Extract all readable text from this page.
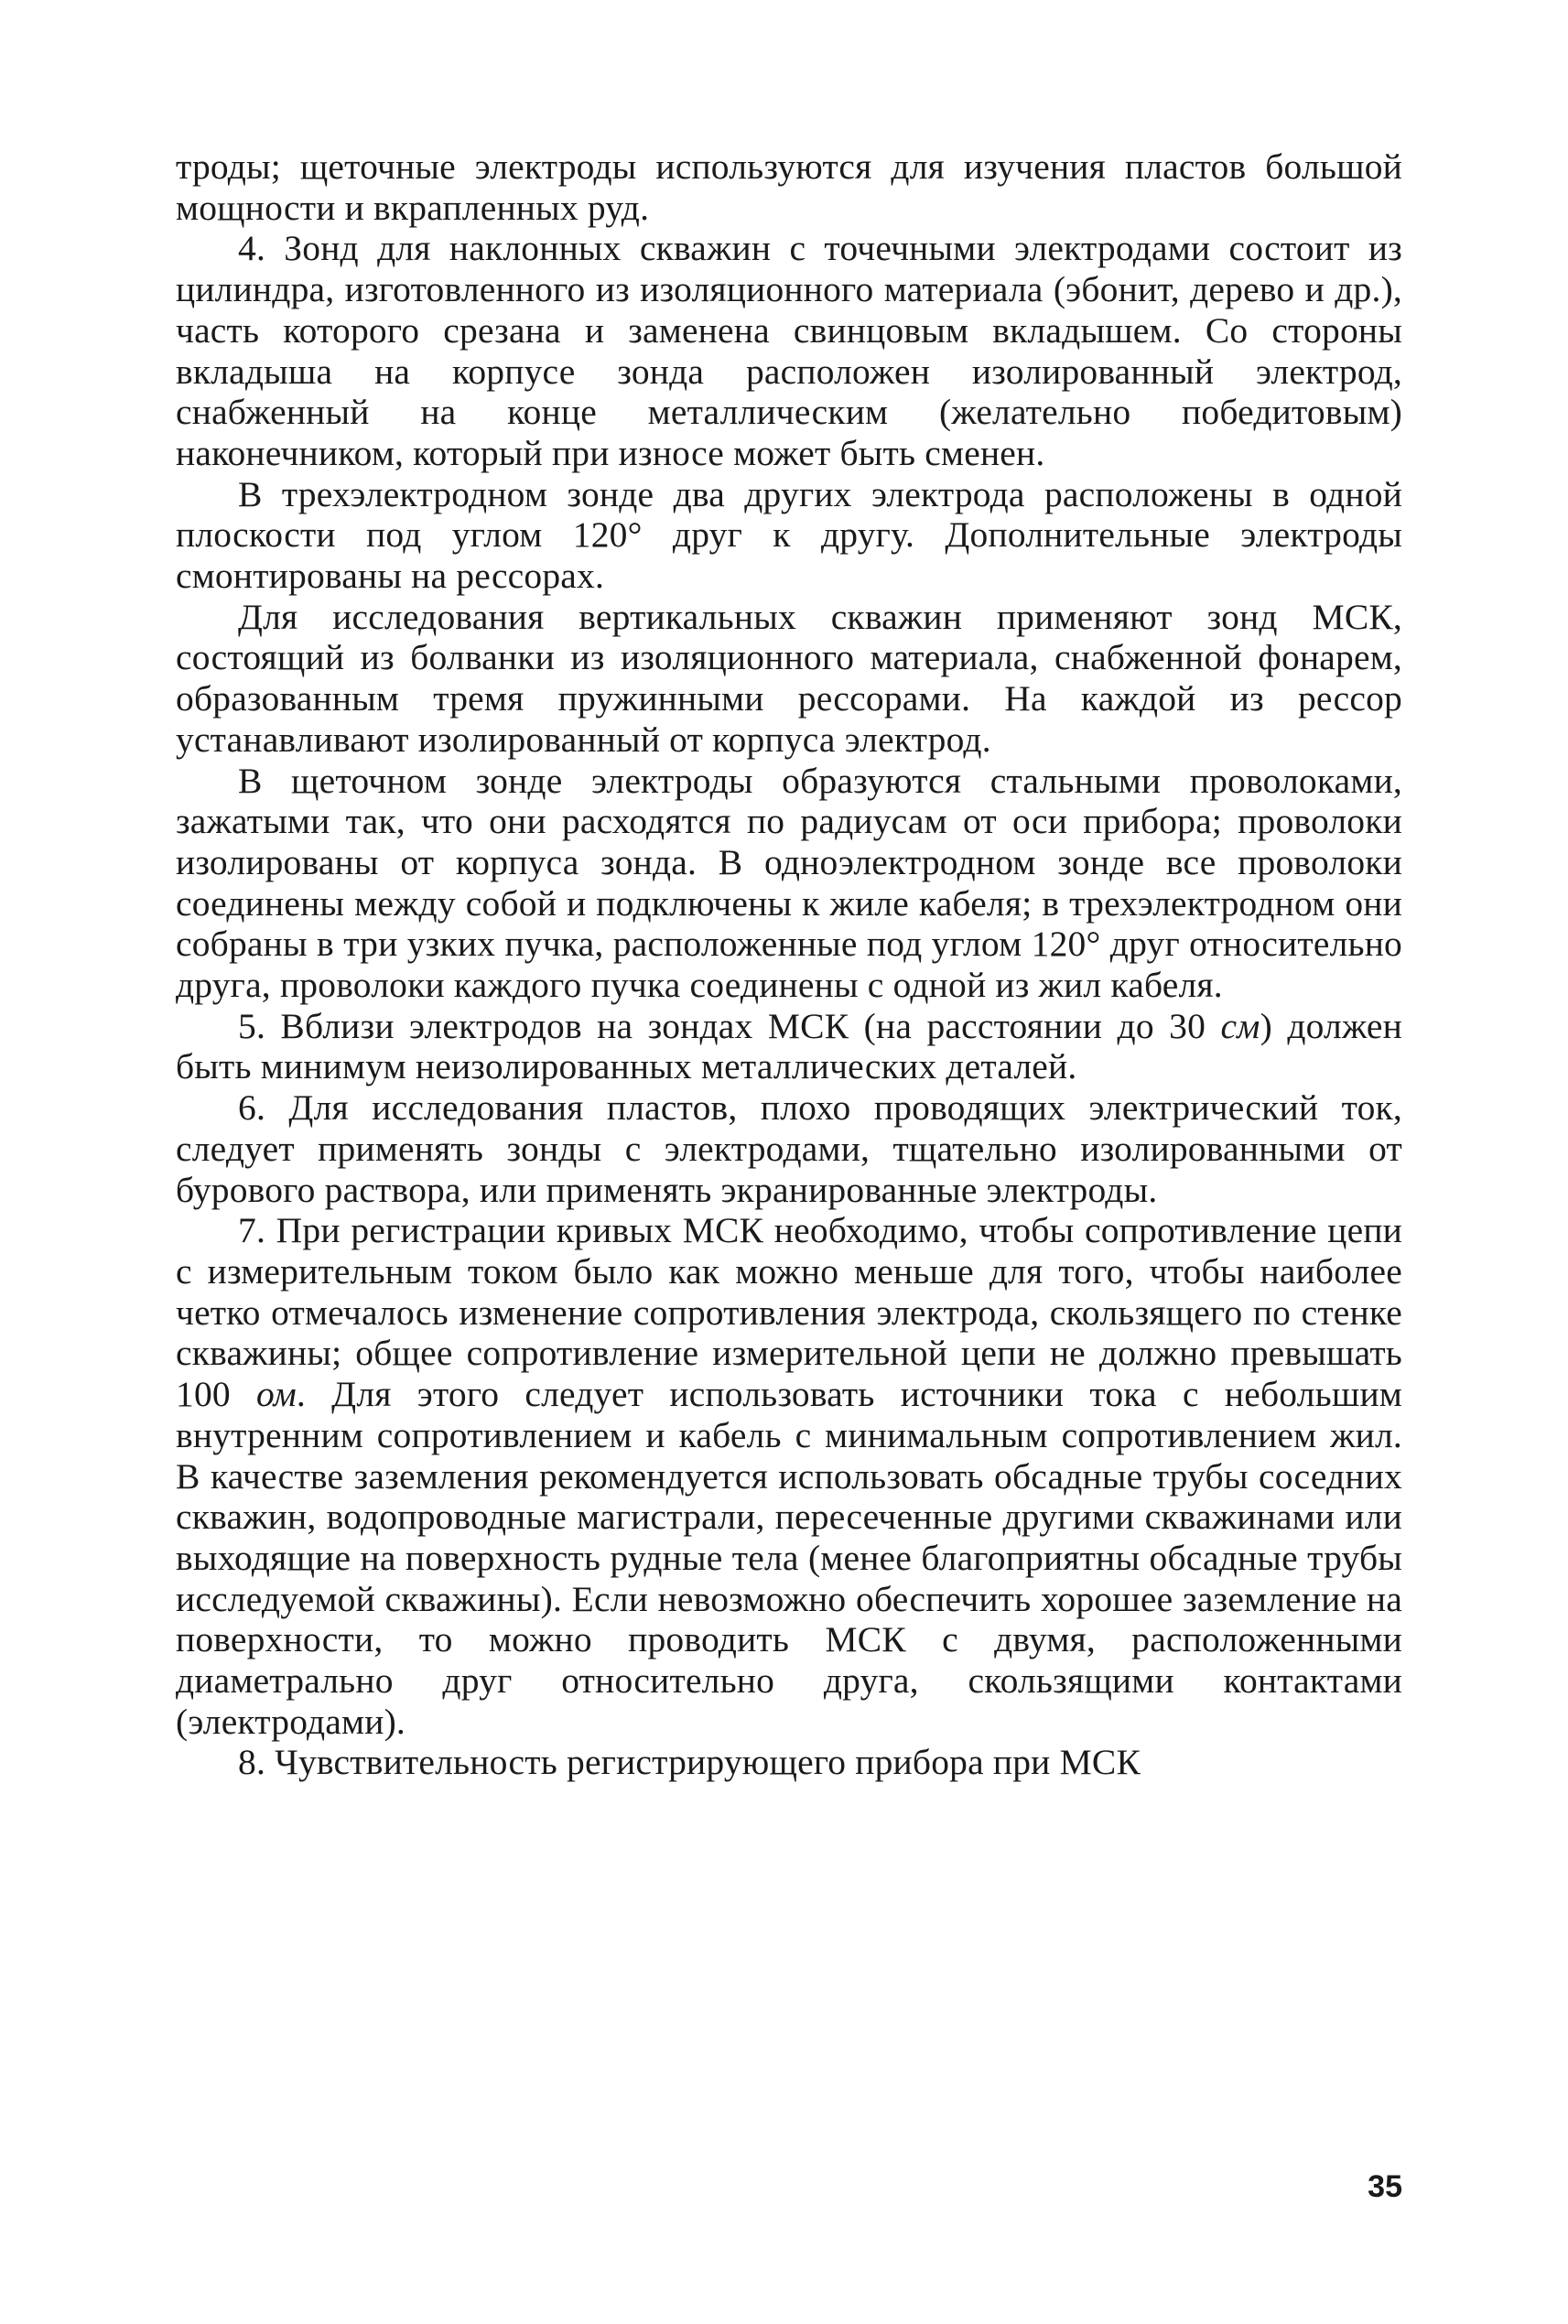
троды; щеточные электроды используются для изучения пластов большой мощности и вкрапленных руд.

4. Зонд для наклонных скважин с точечными электродами состоит из цилиндра, изготовленного из изоляционного материала (эбонит, дерево и др.), часть которого срезана и заменена свинцовым вкладышем. Со стороны вкладыша на корпусе зонда расположен изолированный электрод, снабженный на конце металлическим (желательно победитовым) наконечником, который при износе может быть сменен.

В трехэлектродном зонде два других электрода расположены в одной плоскости под углом 120° друг к другу. Дополнительные электроды смонтированы на рессорах.

Для исследования вертикальных скважин применяют зонд МСК, состоящий из болванки из изоляционного материала, снабженной фонарем, образованным тремя пружинными рессорами. На каждой из рессор устанавливают изолированный от корпуса электрод.

В щеточном зонде электроды образуются стальными проволоками, зажатыми так, что они расходятся по радиусам от оси прибора; проволоки изолированы от корпуса зонда. В одноэлектродном зонде все проволоки соединены между собой и подключены к жиле кабеля; в трехэлектродном они собраны в три узких пучка, расположенные под углом 120° друг относительно друга, проволоки каждого пучка соединены с одной из жил кабеля.

5. Вблизи электродов на зондах МСК (на расстоянии до 30 см) должен быть минимум неизолированных металлических деталей.

6. Для исследования пластов, плохо проводящих электрический ток, следует применять зонды с электродами, тщательно изолированными от бурового раствора, или применять экранированные электроды.

7. При регистрации кривых МСК необходимо, чтобы сопротивление цепи с измерительным током было как можно меньше для того, чтобы наиболее четко отмечалось изменение сопротивления электрода, скользящего по стенке скважины; общее сопротивление измерительной цепи не должно превышать 100 ом. Для этого следует использовать источники тока с небольшим внутренним сопротивлением и кабель с минимальным сопротивлением жил. В качестве заземления рекомендуется использовать обсадные трубы соседних скважин, водопроводные магистрали, пересеченные другими скважинами или выходящие на поверхность рудные тела (менее благоприятны обсадные трубы исследуемой скважины). Если невозможно обеспечить хорошее заземление на поверхности, то можно проводить МСК с двумя, расположенными диаметрально друг относительно друга, скользящими контактами (электродами).

8. Чувствительность регистрирующего прибора при МСК

35
